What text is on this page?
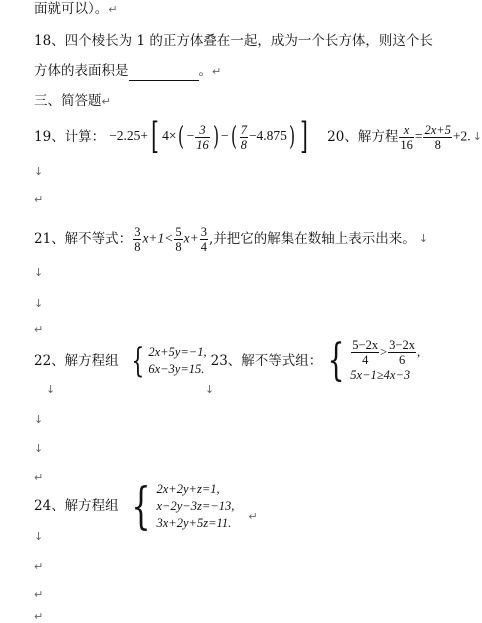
面就可以）。↵
18、四个棱长为 1 的正方体叠在一起，成为一个长方体，则这个长
方体的表面积是	。↵
三、简答题↵
19 、计算： −2.25+[ $4\times( - \frac{3}{16}$ ) −( $\frac{7}{8} -4.875$) ] 20 、解方程 $\frac{x}{16} = \frac{2x+5}{8} +2$. ↓
↓
↵
21 、解不等式： $\frac{3}{8} x+1< \frac{5}{8} x+ \frac{3}{4}$ ,并把它的解集在数轴上表示出来。 ↓
↓
↓
↵
22 、解方程组 { 2x+5y=−1,
6x−3y=15. 23 、解不等式组： { $\frac{5-2x}{4} > \frac{3-2x}{6}$ ,
5x−1≥4x−3
↓	↓
↓
↓
↵
24 、解方程组 { 2x+2y+z=1,
x−2y−3z=−13,
3x+2y+5z=11. ↵
↓
↵
↵
↵
